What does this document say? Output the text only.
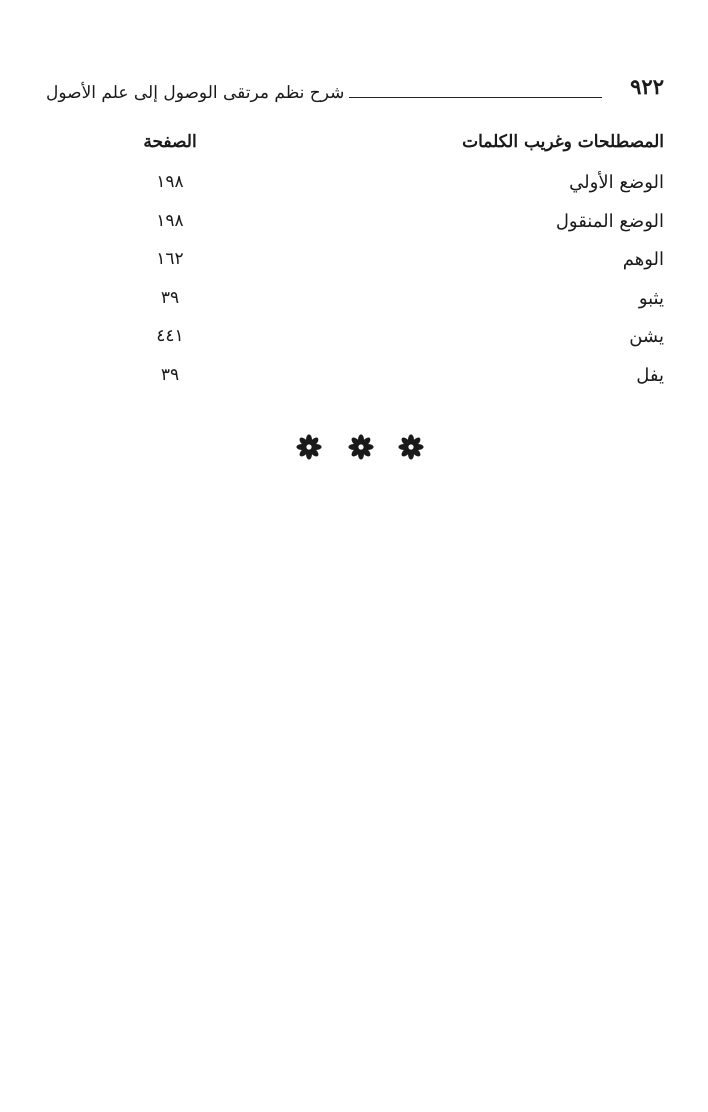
٩٢٢
شرح نظم مرتقى الوصول إلى علم الأصول
المصطلحات وغريب الكلمات
الصفحة
الوضع الأولي
١٩٨
الوضع المنقول
١٩٨
الوهم
١٦٢
يثبو
٣٩
يشن
٤٤١
يفل
٣٩
